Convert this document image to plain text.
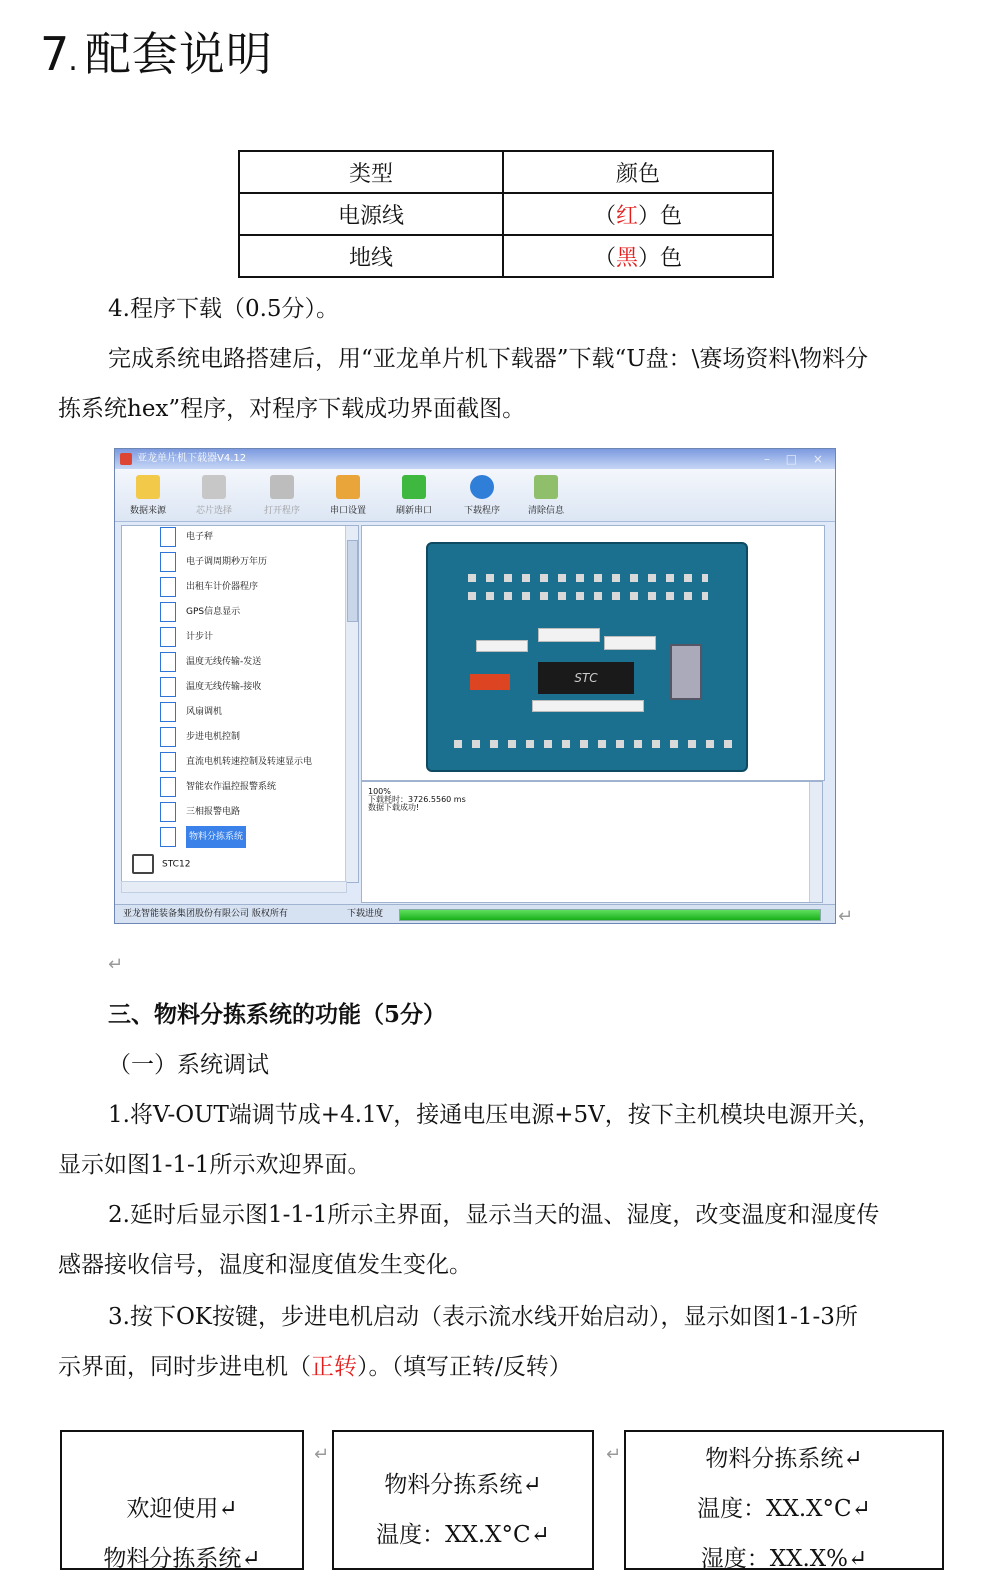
7. 配套说明
类型	颜色
电源线	（红）色
地线	（黑）色
4.程序下载（0.5分）。
完成系统电路搭建后，用“亚龙单片机下载器”下载“U盘：\赛场资料\物料分
拣系统hex”程序，对程序下载成功界面截图。
亚龙单片机下载器V4.12	– □ ×
数据来源	芯片选择	打开程序	串口设置	刷新串口	下载程序	清除信息
电子秤
电子调周期秒万年历
出租车计价器程序
GPS信息显示
计步计
温度无线传输-发送
温度无线传输-接收
风扇调机
步进电机控制
直流电机转速控制及转速显示电
智能农作温控报警系统
三相报警电路
物料分拣系统
STC12
STC
100%
下载耗时：3726.5560 ms
数据下载成功!
亚龙智能装备集团股份有限公司 版权所有	下载进度	↵
↵
三、物料分拣系统的功能（5分）
（一）系统调试
1.将V-OUT端调节成+4.1V，接通电压电源+5V，按下主机模块电源开关，
显示如图1-1-1所示欢迎界面。
2.延时后显示图1-1-1所示主界面，显示当天的温、湿度，改变温度和湿度传
感器接收信号，温度和湿度值发生变化。
3.按下OK按键，步进电机启动（表示流水线开始启动），显示如图1-1-3所
示界面，同时步进电机（正转）。（填写正转/反转）
欢迎使用↵
物料分拣系统↵
↵
物料分拣系统↵
温度：XX.X°C↵
↵	物料分拣系统↵
温度：XX.X°C↵
湿度：XX.X%↵
